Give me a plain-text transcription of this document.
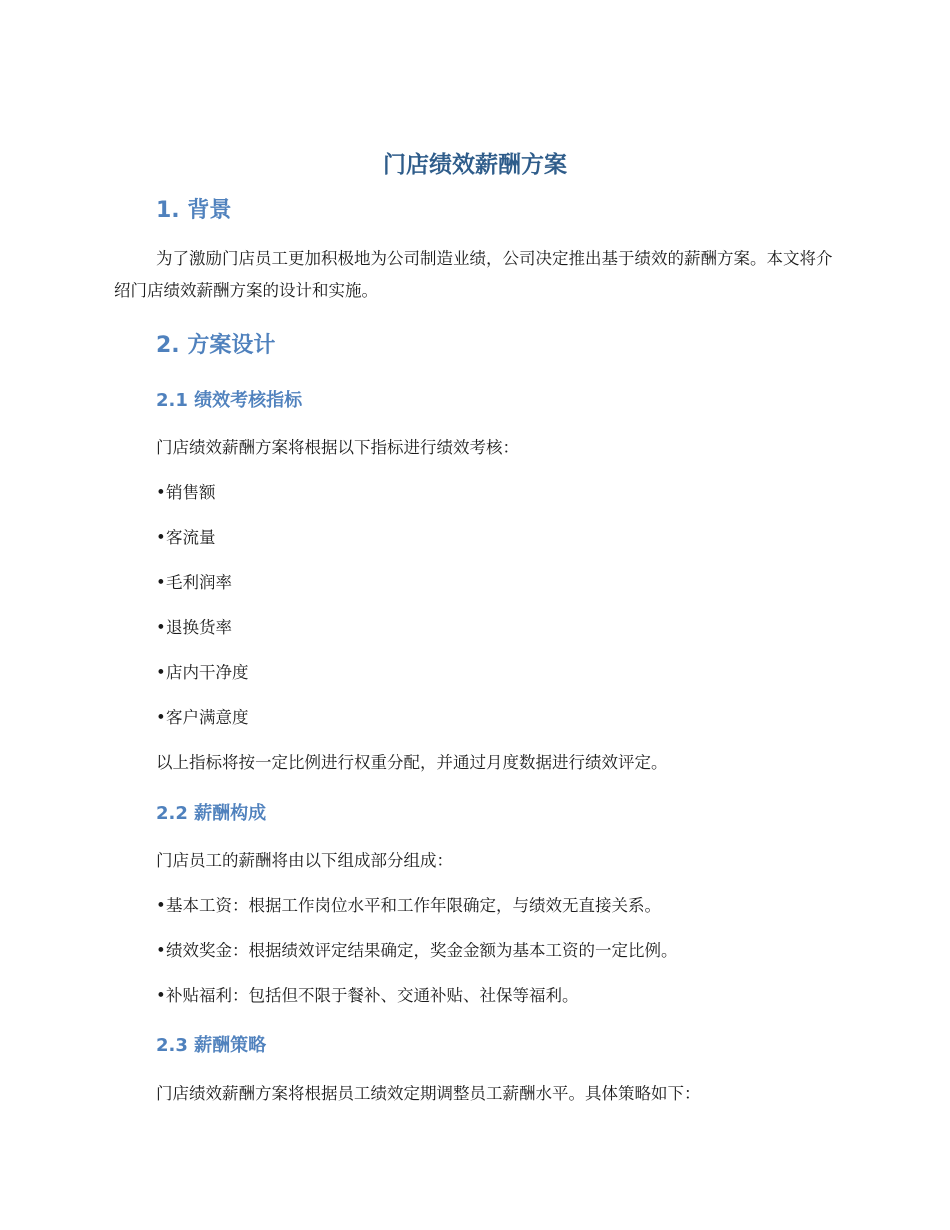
门店绩效薪酬方案
1. 背景
为了激励门店员工更加积极地为公司制造业绩，公司决定推出基于绩效的薪酬方案。本文将介绍门店绩效薪酬方案的设计和实施。
2. 方案设计
2.1 绩效考核指标
门店绩效薪酬方案将根据以下指标进行绩效考核：
•销售额
•客流量
•毛利润率
•退换货率
•店内干净度
•客户满意度
以上指标将按一定比例进行权重分配，并通过月度数据进行绩效评定。
2.2 薪酬构成
门店员工的薪酬将由以下组成部分组成：
•基本工资：根据工作岗位水平和工作年限确定，与绩效无直接关系。
•绩效奖金：根据绩效评定结果确定，奖金金额为基本工资的一定比例。
•补贴福利：包括但不限于餐补、交通补贴、社保等福利。
2.3 薪酬策略
门店绩效薪酬方案将根据员工绩效定期调整员工薪酬水平。具体策略如下：
